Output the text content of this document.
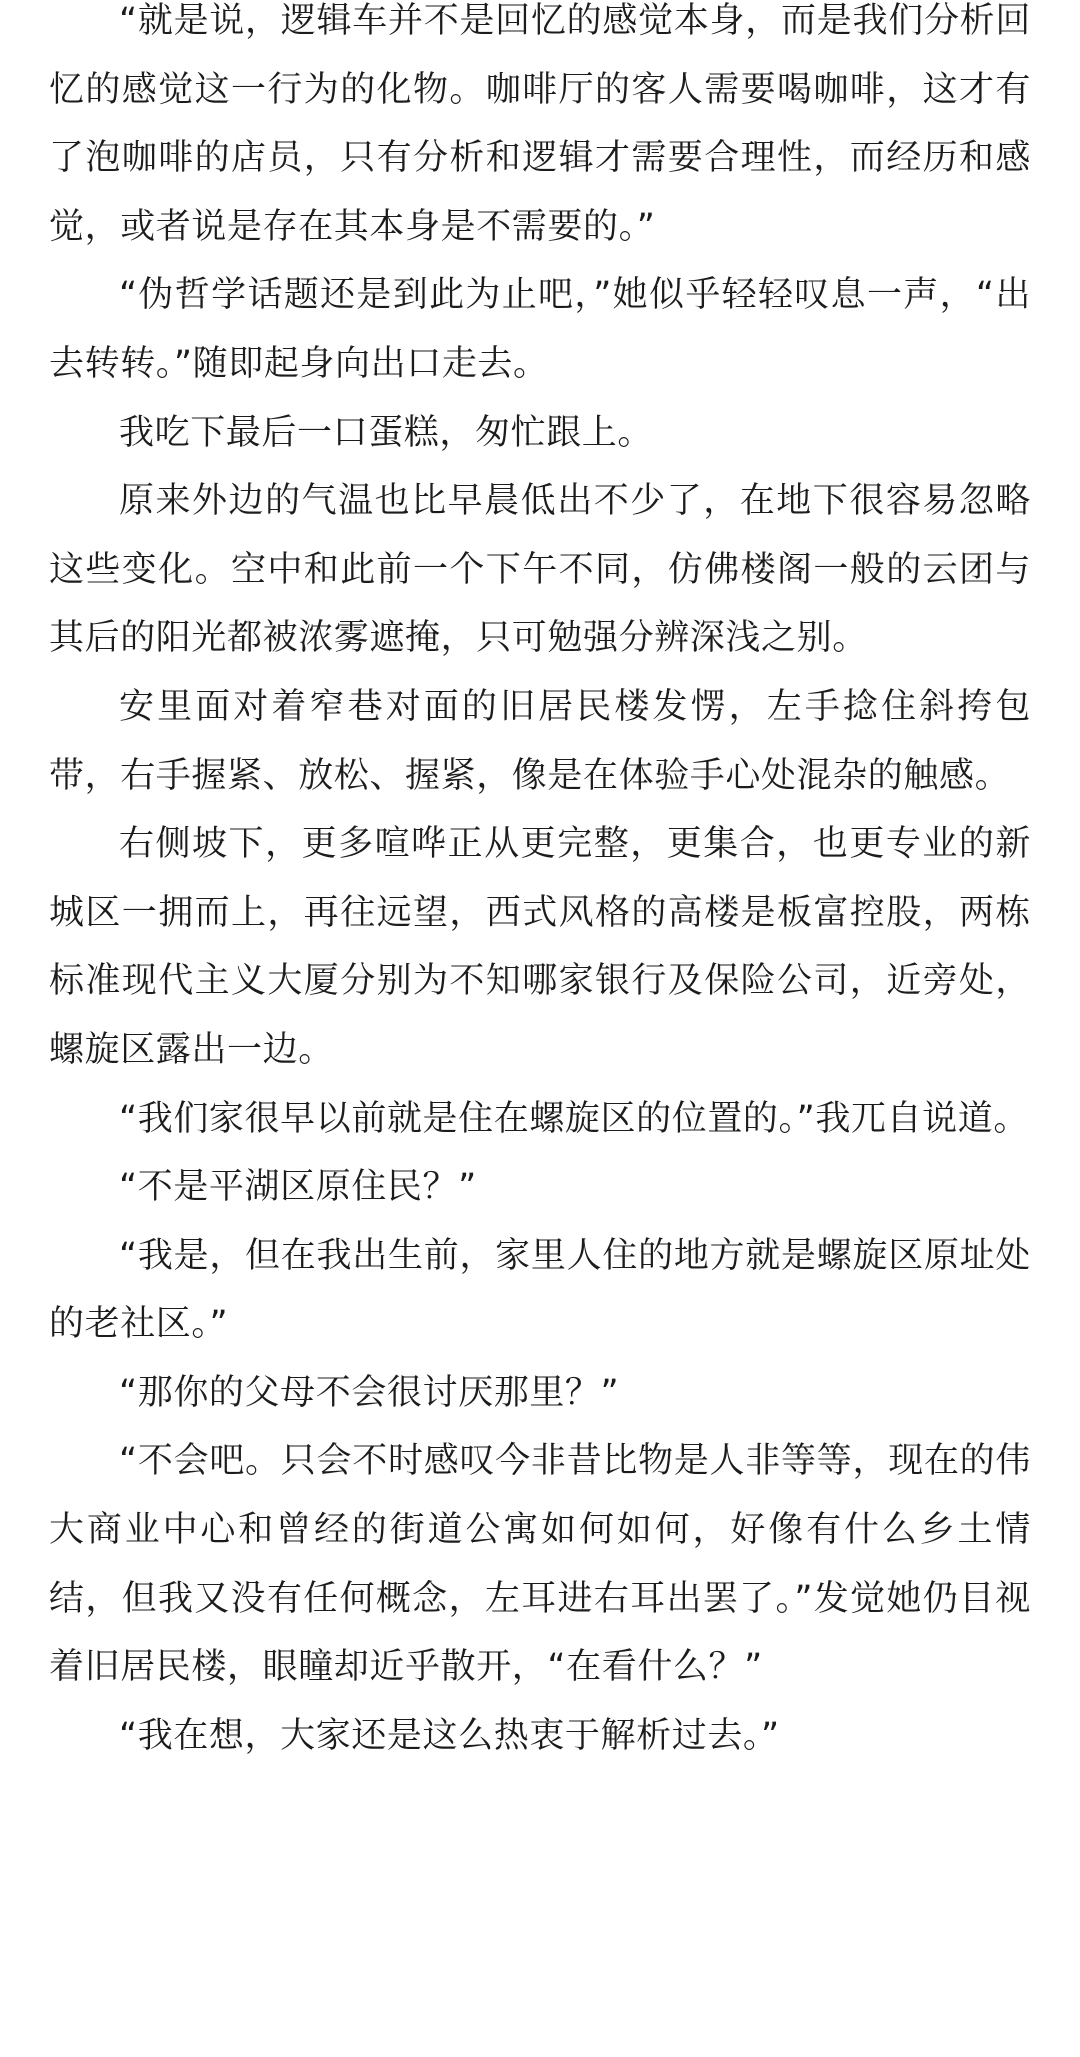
“就是说，逻辑车并不是回忆的感觉本身，而是我们分析回忆的感觉这一行为的化物。咖啡厅的客人需要喝咖啡，这才有了泡咖啡的店员，只有分析和逻辑才需要合理性，而经历和感觉，或者说是存在其本身是不需要的。”

“伪哲学话题还是到此为止吧，”她似乎轻轻叹息一声，“出去转转。”随即起身向出口走去。

我吃下最后一口蛋糕，匆忙跟上。

原来外边的气温也比早晨低出不少了，在地下很容易忽略这些变化。空中和此前一个下午不同，仿佛楼阁一般的云团与其后的阳光都被浓雾遮掩，只可勉强分辨深浅之别。

安里面对着窄巷对面的旧居民楼发愣，左手捻住斜挎包带，右手握紧、放松、握紧，像是在体验手心处混杂的触感。

右侧坡下，更多喧哗正从更完整，更集合，也更专业的新城区一拥而上，再往远望，西式风格的高楼是板富控股，两栋标准现代主义大厦分别为不知哪家银行及保险公司，近旁处，螺旋区露出一边。

“我们家很早以前就是住在螺旋区的位置的。”我兀自说道。

“不是平湖区原住民？”

“我是，但在我出生前，家里人住的地方就是螺旋区原址处的老社区。”

“那你的父母不会很讨厌那里？”

“不会吧。只会不时感叹今非昔比物是人非等等，现在的伟大商业中心和曾经的街道公寓如何如何，好像有什么乡土情结，但我又没有任何概念，左耳进右耳出罢了。”发觉她仍目视着旧居民楼，眼瞳却近乎散开，“在看什么？”

“我在想，大家还是这么热衷于解析过去。”
